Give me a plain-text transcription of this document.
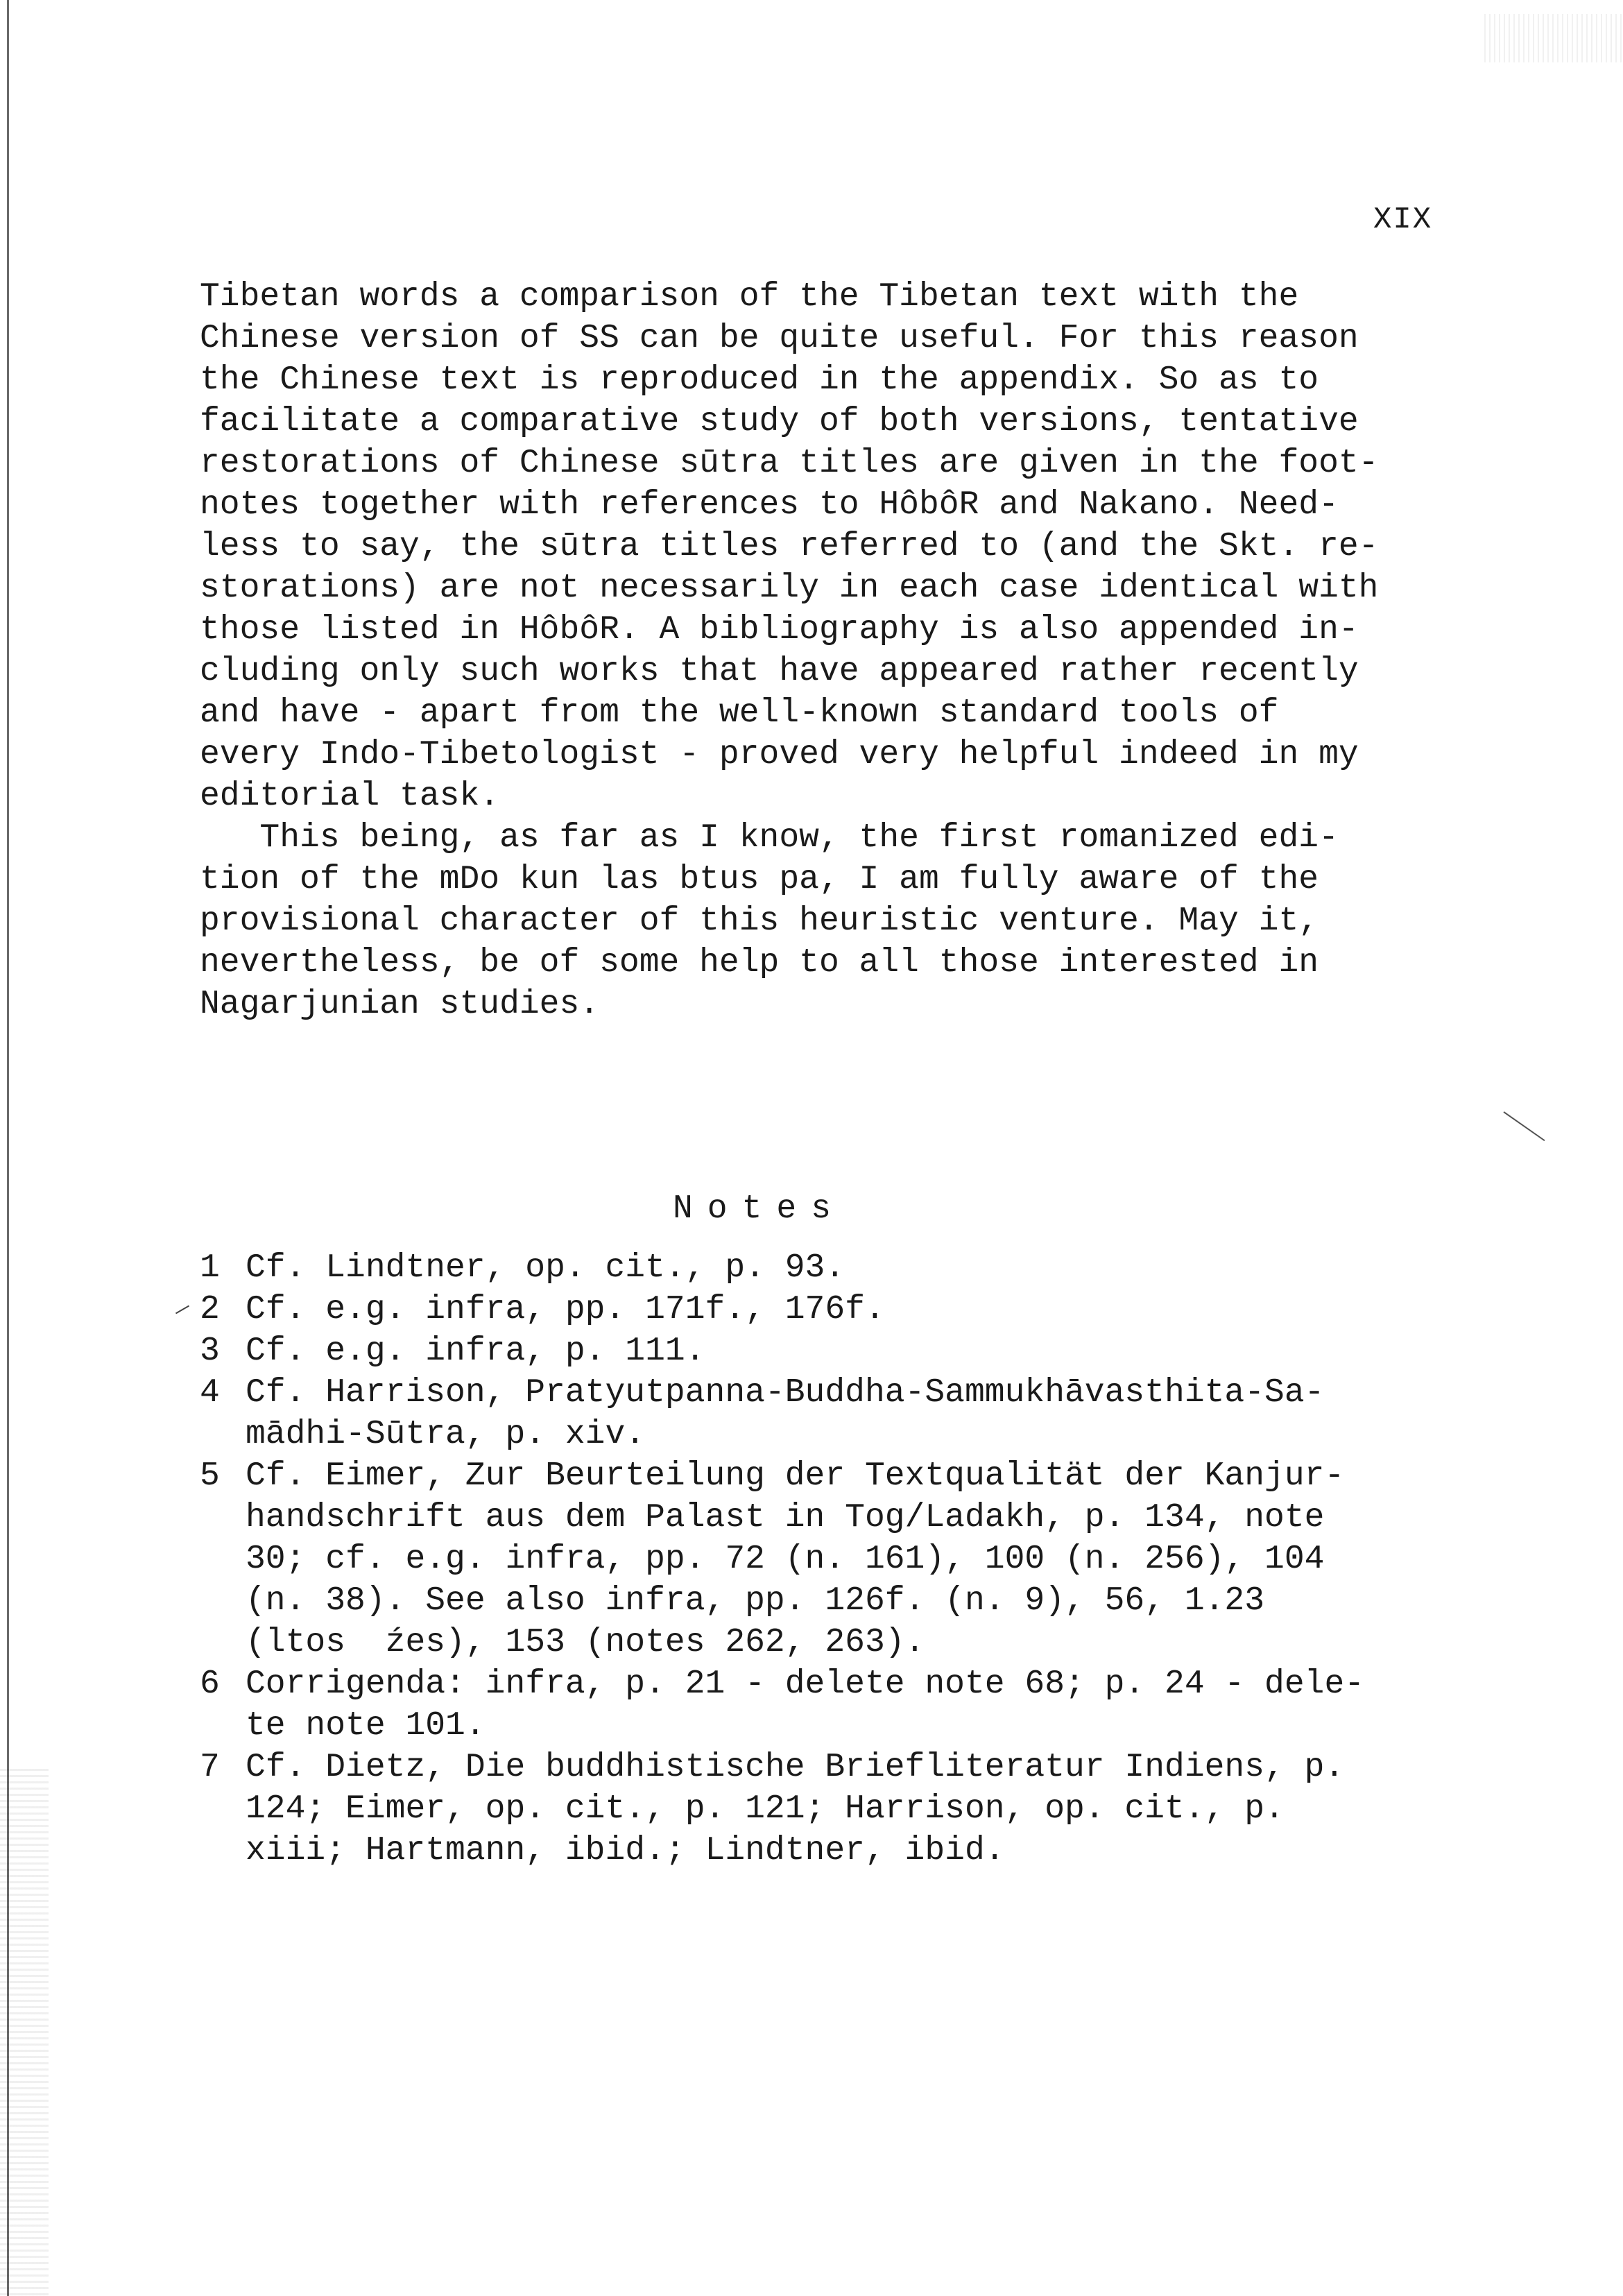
XIX

Tibetan words a comparison of the Tibetan text with the
Chinese version of SS can be quite useful. For this reason
the Chinese text is reproduced in the appendix. So as to
facilitate a comparative study of both versions, tentative
restorations of Chinese sūtra titles are given in the foot-
notes together with references to HôbôR and Nakano. Need-
less to say, the sūtra titles referred to (and the Skt. re-
storations) are not necessarily in each case identical with
those listed in HôbôR. A bibliography is also appended in-
cluding only such works that have appeared rather recently
and have - apart from the well-known standard tools of
every Indo-Tibetologist - proved very helpful indeed in my
editorial task.

This being, as far as I know, the first romanized edi-
tion of the mDo kun las btus pa, I am fully aware of the
provisional character of this heuristic venture. May it,
nevertheless, be of some help to all those interested in
Nagarjunian studies.

Notes
1 Cf. Lindtner, op. cit., p. 93.
2 Cf. e.g. infra, pp. 171f., 176f.
3 Cf. e.g. infra, p. 111.
4 Cf. Harrison, Pratyutpanna-Buddha-Sammukhāvasthita-Sa-
mādhi-Sūtra, p. xiv.
5 Cf. Eimer, Zur Beurteilung der Textqualität der Kanjur-
handschrift aus dem Palast in Tog/Ladakh, p. 134, note
30; cf. e.g. infra, pp. 72 (n. 161), 100 (n. 256), 104
(n. 38). See also infra, pp. 126f. (n. 9), 56, 1.23
(ltos  źes), 153 (notes 262, 263).
6 Corrigenda: infra, p. 21 - delete note 68; p. 24 - dele-
te note 101.
7 Cf. Dietz, Die buddhistische Briefliteratur Indiens, p.
124; Eimer, op. cit., p. 121; Harrison, op. cit., p.
xiii; Hartmann, ibid.; Lindtner, ibid.
